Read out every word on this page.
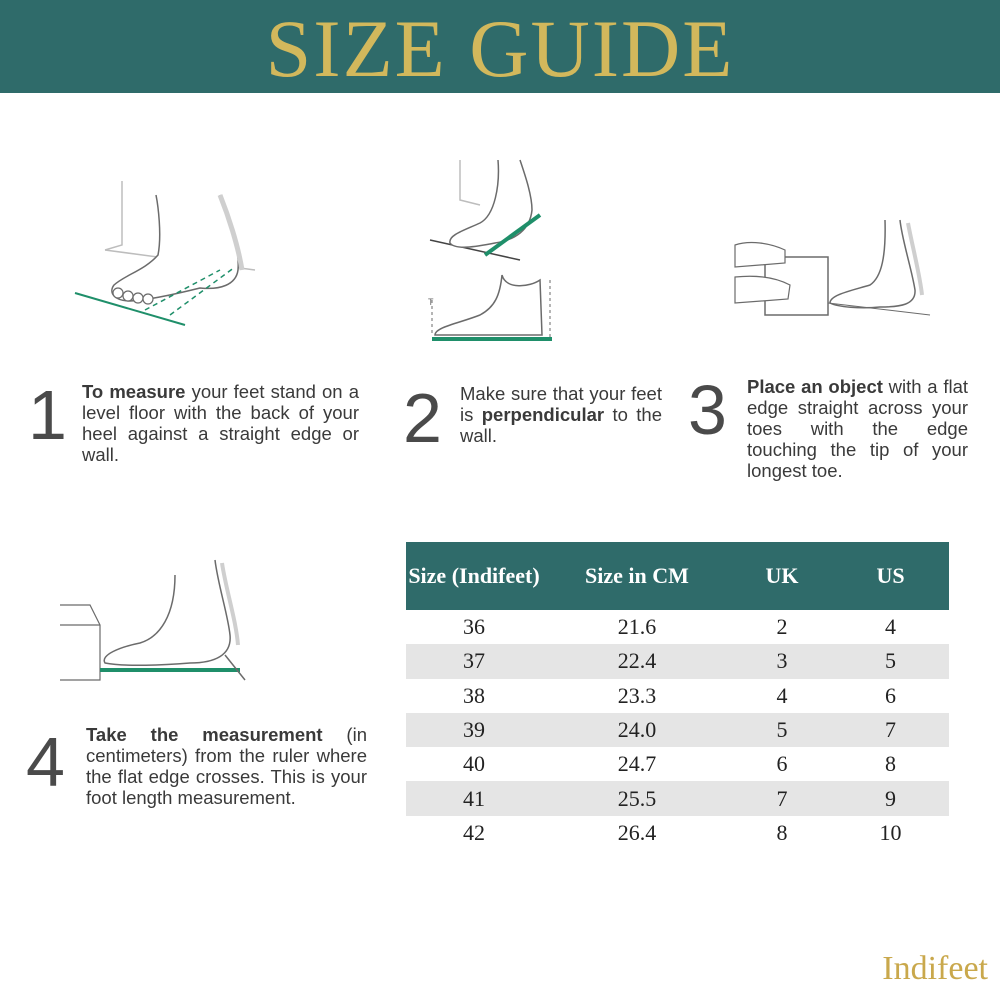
SIZE GUIDE
T
1	2	3
4
To measure your feet stand on a level floor with the back of your heel against a straight edge or wall.
Make sure that your feet is perpendicular to the wall.
Place an object with a flat edge straight across your toes with the edge touching the tip of your longest toe.
Take the measurement (in centimeters) from the ruler where the flat edge crosses. This is your foot length measurement.
Size (Indifeet)	Size in CM	UK	US
36	21.6	2	4
37	22.4	3	5
38	23.3	4	6
39	24.0	5	7
40	24.7	6	8
41	25.5	7	9
42	26.4	8	10
Indifeet
